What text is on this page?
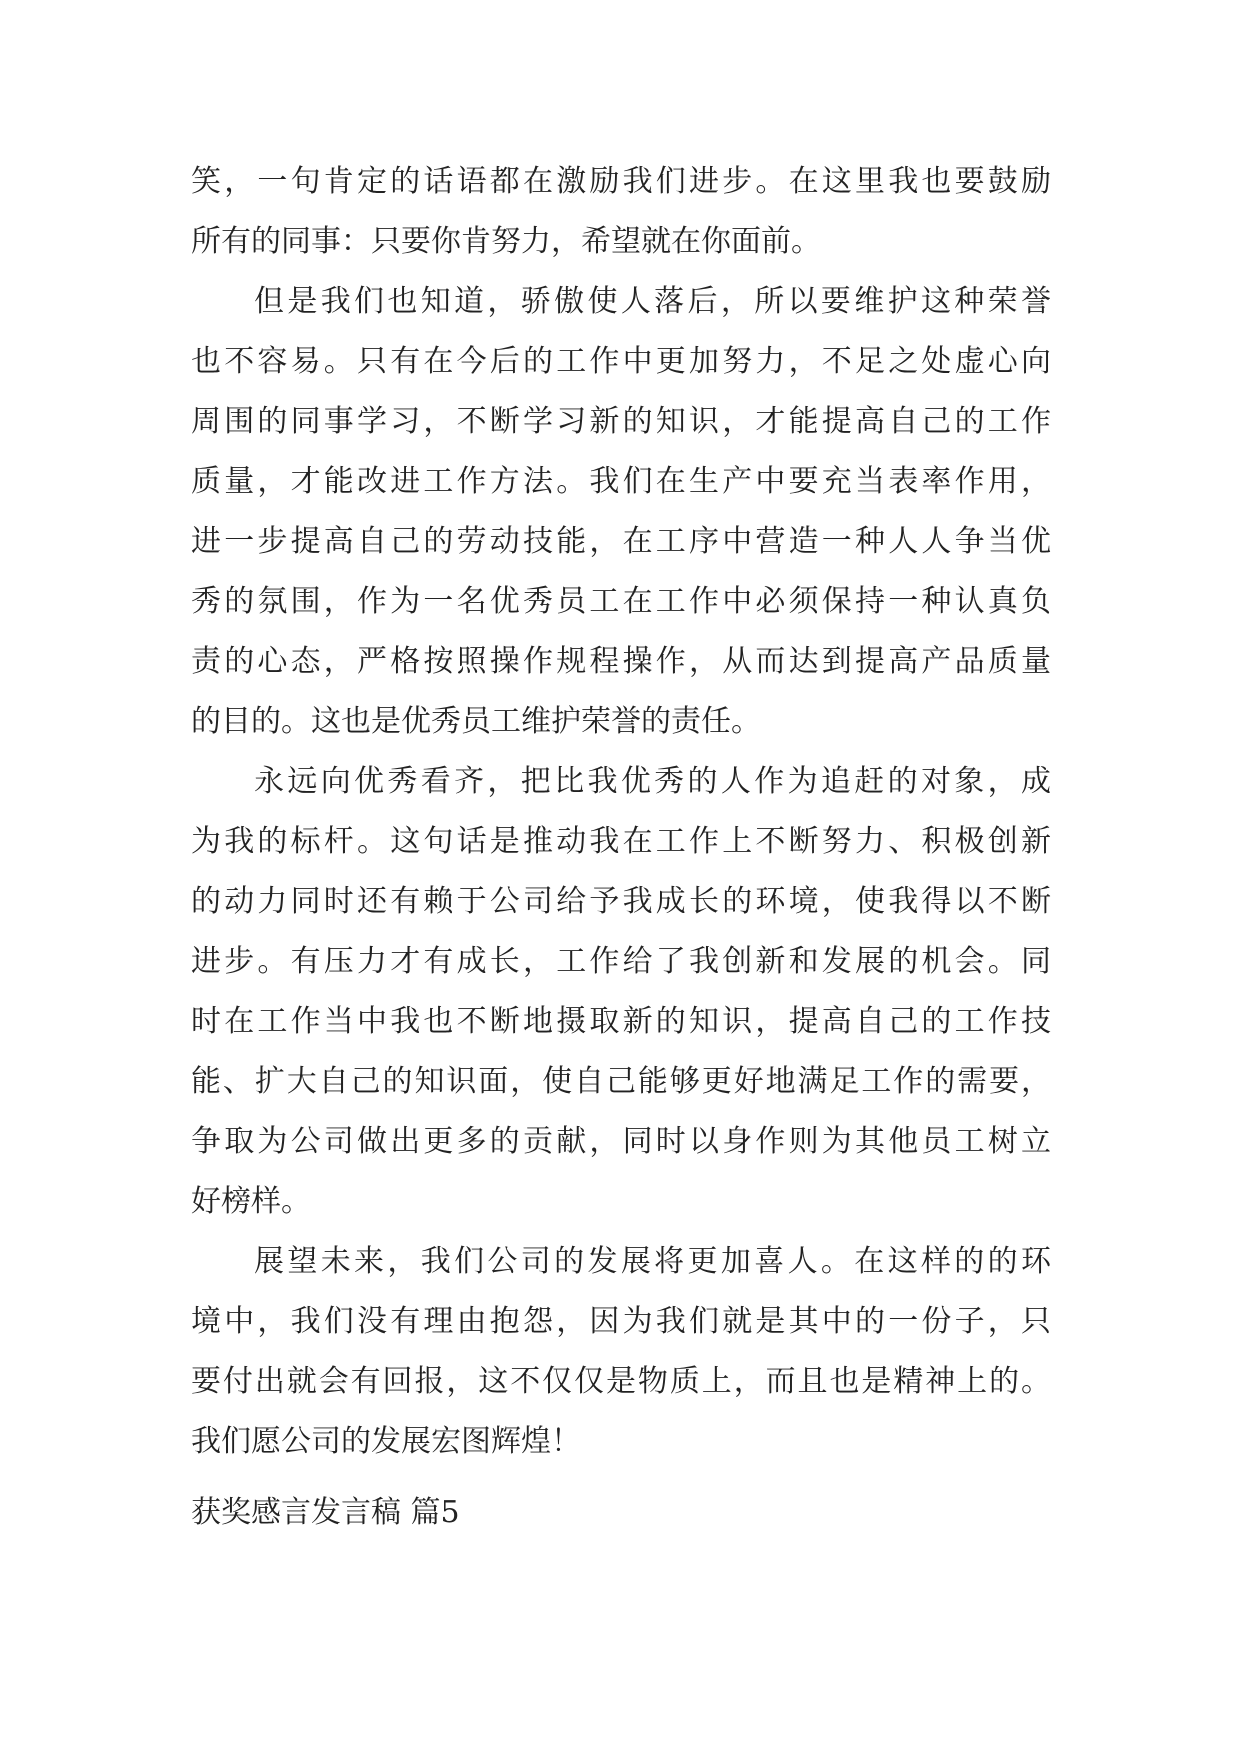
笑，一句肯定的话语都在激励我们进步。在这里我也要鼓励
所有的同事：只要你肯努力，希望就在你面前。
但是我们也知道，骄傲使人落后，所以要维护这种荣誉
也不容易。只有在今后的工作中更加努力，不足之处虚心向
周围的同事学习，不断学习新的知识，才能提高自己的工作
质量，才能改进工作方法。我们在生产中要充当表率作用，
进一步提高自己的劳动技能，在工序中营造一种人人争当优
秀的氛围，作为一名优秀员工在工作中必须保持一种认真负
责的心态，严格按照操作规程操作，从而达到提高产品质量
的目的。这也是优秀员工维护荣誉的责任。
永远向优秀看齐，把比我优秀的人作为追赶的对象，成
为我的标杆。这句话是推动我在工作上不断努力、积极创新
的动力同时还有赖于公司给予我成长的环境，使我得以不断
进步。有压力才有成长，工作给了我创新和发展的机会。同
时在工作当中我也不断地摄取新的知识，提高自己的工作技
能、扩大自己的知识面，使自己能够更好地满足工作的需要，
争取为公司做出更多的贡献，同时以身作则为其他员工树立
好榜样。
展望未来，我们公司的发展将更加喜人。在这样的的环
境中，我们没有理由抱怨，因为我们就是其中的一份子，只
要付出就会有回报，这不仅仅是物质上，而且也是精神上的。
我们愿公司的发展宏图辉煌！
获奖感言发言稿 篇5
